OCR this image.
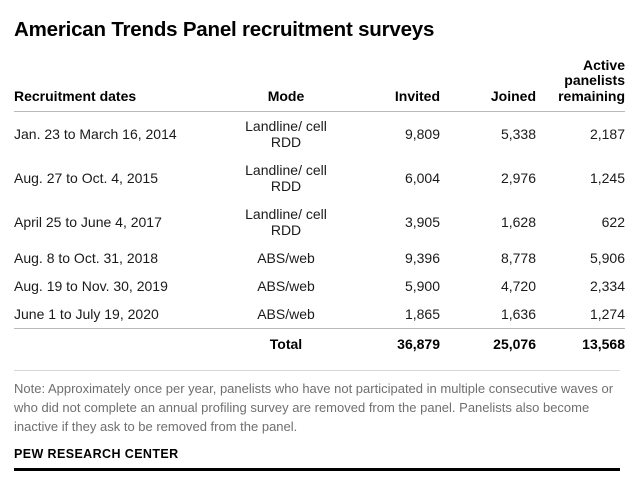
American Trends Panel recruitment surveys
Recruitment dates	Mode	Invited	Joined	Active panelists remaining
Jan. 23 to March 16, 2014	Landline/ cell RDD	9,809	5,338	2,187
Aug. 27 to Oct. 4, 2015	Landline/ cell RDD	6,004	2,976	1,245
April 25 to June 4, 2017	Landline/ cell RDD	3,905	1,628	622
Aug. 8 to Oct. 31, 2018	ABS/web	9,396	8,778	5,906
Aug. 19 to Nov. 30, 2019	ABS/web	5,900	4,720	2,334
June 1 to July 19, 2020	ABS/web	1,865	1,636	1,274
	Total	36,879	25,076	13,568
Note: Approximately once per year, panelists who have not participated in multiple consecutive waves or who did not complete an annual profiling survey are removed from the panel. Panelists also become inactive if they ask to be removed from the panel.
PEW RESEARCH CENTER
